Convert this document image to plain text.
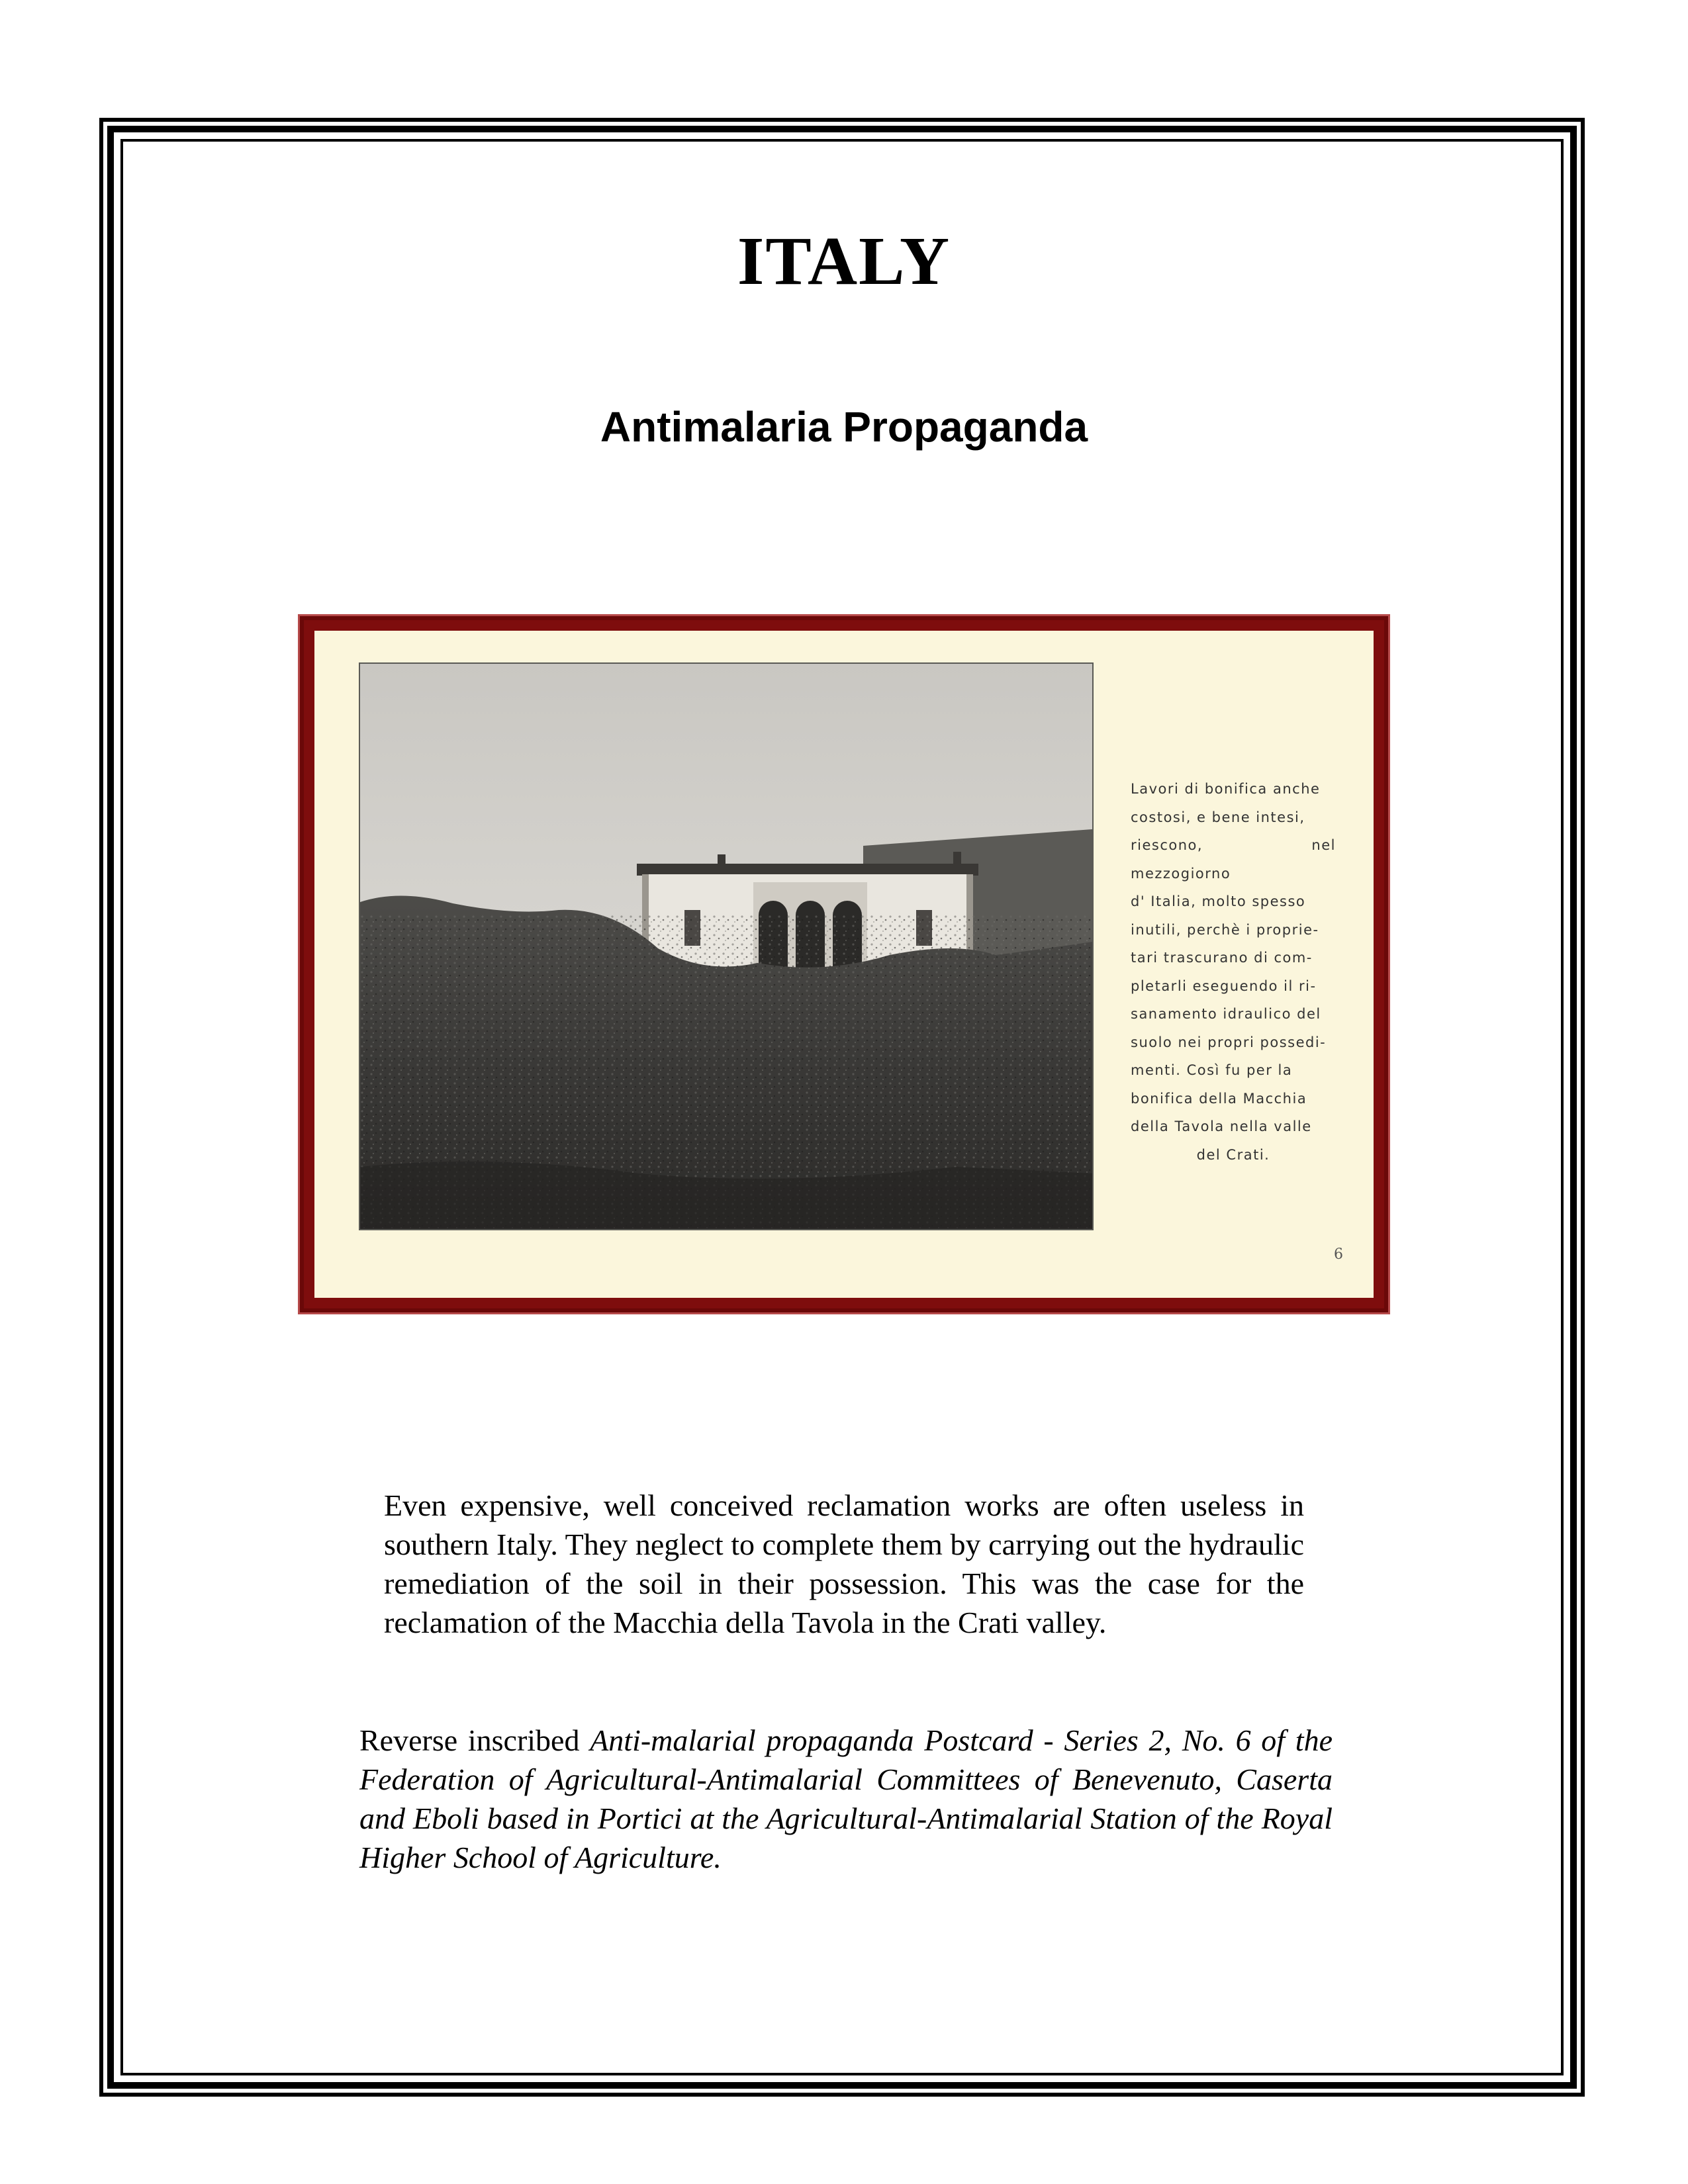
ITALY
Antimalaria Propaganda
Lavori di bonifica anche
costosi, e bene intesi,
riescono, nel mezzogiorno
d' Italia, molto spesso
inutili, perchè i proprie-
tari trascurano di com-
pletarli eseguendo il ri-
sanamento idraulico del
suolo nei propri possedi-
menti. Così fu per la
bonifica della Macchia
della Tavola nella valle
del Crati.
6
Even expensive, well conceived reclamation works are often useless in southern Italy. They neglect to complete them by carrying out the hydraulic remediation of the soil in their possession. This was the case for the reclamation of the Macchia della Tavola in the Crati valley.
Reverse inscribed Anti-malarial propaganda Postcard - Series 2, No. 6 of the Federation of Agricultural-Antimalarial Committees of Benevenuto, Caserta and Eboli based in Portici at the Agricultural-Antimalarial Station of the Royal Higher School of Agriculture.
